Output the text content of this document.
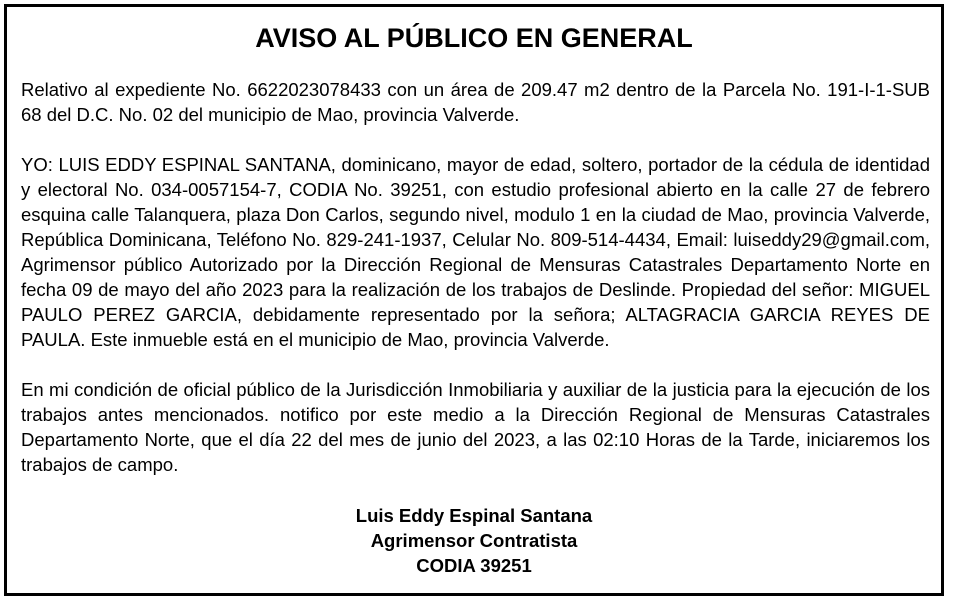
AVISO AL PÚBLICO EN GENERAL
Relativo al expediente No. 6622023078433 con un área de 209.47 m2 dentro de la Parcela No. 191-I-1-SUB 68 del D.C. No. 02 del municipio de Mao, provincia Valverde.
YO: LUIS EDDY ESPINAL SANTANA, dominicano, mayor de edad, soltero, portador de la cédula de identidad y electoral No. 034-0057154-7, CODIA No. 39251, con estudio profesional abierto en la calle 27 de febrero esquina calle Talanquera, plaza Don Carlos, segundo nivel, modulo 1 en la ciudad de Mao, provincia Valverde, República Dominicana, Teléfono No. 829-241-1937, Celular No. 809-514-4434, Email: luiseddy29@gmail.com, Agrimensor público Autorizado por la Dirección Regional de Mensuras Catastrales Departamento Norte en fecha 09 de mayo del año 2023 para la realización de los trabajos de Deslinde. Propiedad del señor: MIGUEL PAULO PEREZ GARCIA, debidamente representado por la señora; ALTAGRACIA GARCIA REYES DE PAULA. Este inmueble está en el municipio de Mao, provincia Valverde.
En mi condición de oficial público de la Jurisdicción Inmobiliaria y auxiliar de la justicia para la ejecución de los trabajos antes mencionados. notifico por este medio a la Dirección Regional de Mensuras Catastrales Departamento Norte, que el día 22 del mes de junio del 2023, a las 02:10 Horas de la Tarde, iniciaremos los trabajos de campo.
Luis Eddy Espinal Santana
Agrimensor Contratista
CODIA 39251
